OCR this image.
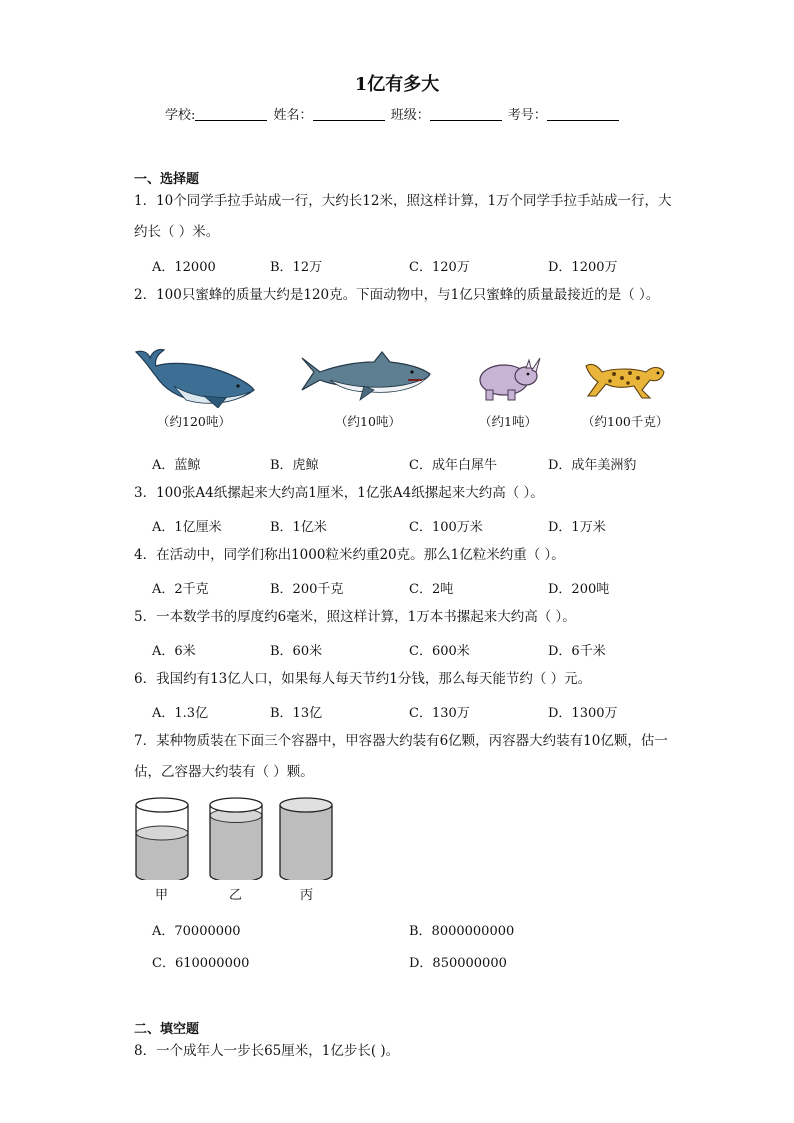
1亿有多大
学校:	姓名：	班级：	考号：
一、选择题
1．10个同学手拉手站成一行，大约长12米，照这样计算，1万个同学手拉手站成一行，大约长（ ）米。
A．12000	B．12万	C．120万	D．1200万
2．100只蜜蜂的质量大约是120克。下面动物中，与1亿只蜜蜂的质量最接近的是（ ）。
（约120吨）	（约10吨）	（约1吨）	（约100千克）
A．蓝鲸	B．虎鲸	C．成年白犀牛	D．成年美洲豹
3．100张A4纸摞起来大约高1厘米，1亿张A4纸摞起来大约高（ ）。
A．1亿厘米	B．1亿米	C．100万米	D．1万米
4．在活动中，同学们称出1000粒米约重20克。那么1亿粒米约重（ ）。
A．2千克	B．200千克	C．2吨	D．200吨
5．一本数学书的厚度约6毫米，照这样计算，1万本书摞起来大约高（ ）。
A．6米	B．60米	C．600米	D．6千米
6．我国约有13亿人口，如果每人每天节约1分钱，那么每天能节约（ ）元。
A．1.3亿	B．13亿	C．130万	D．1300万
7．某种物质装在下面三个容器中，甲容器大约装有6亿颗，丙容器大约装有10亿颗，估一估，乙容器大约装有（ ）颗。
甲	乙	丙
A．70000000	B．8000000000
C．610000000	D．850000000
二、填空题
8．一个成年人一步长65厘米，1亿步长( )。
